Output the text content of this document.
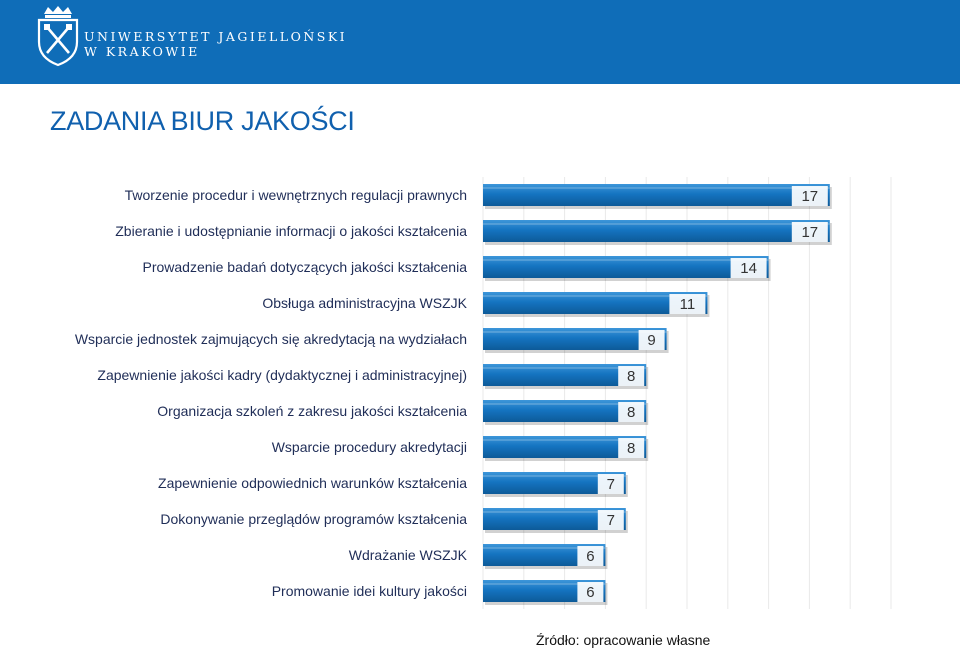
UNIWERSYTET JAGIELLOŃSKI
W KRAKOWIE
ZADANIA BIUR JAKOŚCI
Tworzenie procedur i wewnętrznych regulacji prawnych	17
Zbieranie i udostępnianie informacji o jakości kształcenia	17
Prowadzenie badań dotyczących jakości kształcenia	14
Obsługa administracyjna WSZJK	11
Wsparcie jednostek zajmujących się akredytacją na wydziałach	9
Zapewnienie jakości kadry (dydaktycznej i administracyjnej)	8
Organizacja szkoleń z zakresu jakości kształcenia	8
Wsparcie procedury akredytacji	8
Zapewnienie odpowiednich warunków kształcenia	7
Dokonywanie przeglądów programów kształcenia	7
Wdrażanie WSZJK	6
Promowanie idei kultury jakości	6
Źródło: opracowanie własne
